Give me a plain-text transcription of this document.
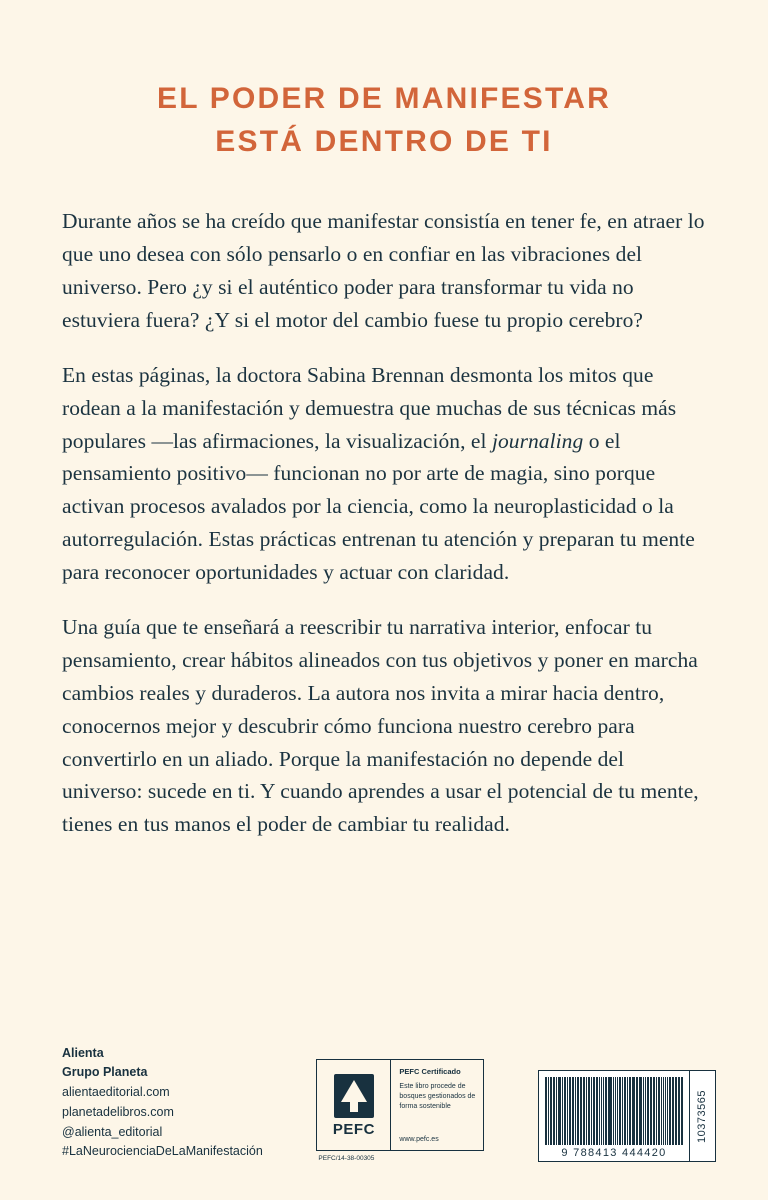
EL PODER DE MANIFESTAR
ESTÁ DENTRO DE TI

Durante años se ha creído que manifestar consistía en tener fe, en atraer lo que uno desea con sólo pensarlo o en confiar en las vibraciones del universo. Pero ¿y si el auténtico poder para transformar tu vida no estuviera fuera? ¿Y si el motor del cambio fuese tu propio cerebro?

En estas páginas, la doctora Sabina Brennan desmonta los mitos que rodean a la manifestación y demuestra que muchas de sus técnicas más populares —las afirmaciones, la visualización, el journaling o el pensamiento positivo— funcionan no por arte de magia, sino porque activan procesos avalados por la ciencia, como la neuroplasticidad o la autorregulación. Estas prácticas entrenan tu atención y preparan tu mente para reconocer oportunidades y actuar con claridad.

Una guía que te enseñará a reescribir tu narrativa interior, enfocar tu pensamiento, crear hábitos alineados con tus objetivos y poner en marcha cambios reales y duraderos. La autora nos invita a mirar hacia dentro, conocernos mejor y descubrir cómo funciona nuestro cerebro para convertirlo en un aliado. Porque la manifestación no depende del universo: sucede en ti. Y cuando aprendes a usar el potencial de tu mente, tienes en tus manos el poder de cambiar tu realidad.

Alienta
Grupo Planeta
alientaeditorial.com
planetadelibros.com
@alienta_editorial
#LaNeurocienciaDeLaManifestación
PEFC
PEFC Certificado
Este libro procede de bosques gestionados de forma sostenible
www.pefc.es
PEFC/14-38-00305	9 788413 444420
10373565
